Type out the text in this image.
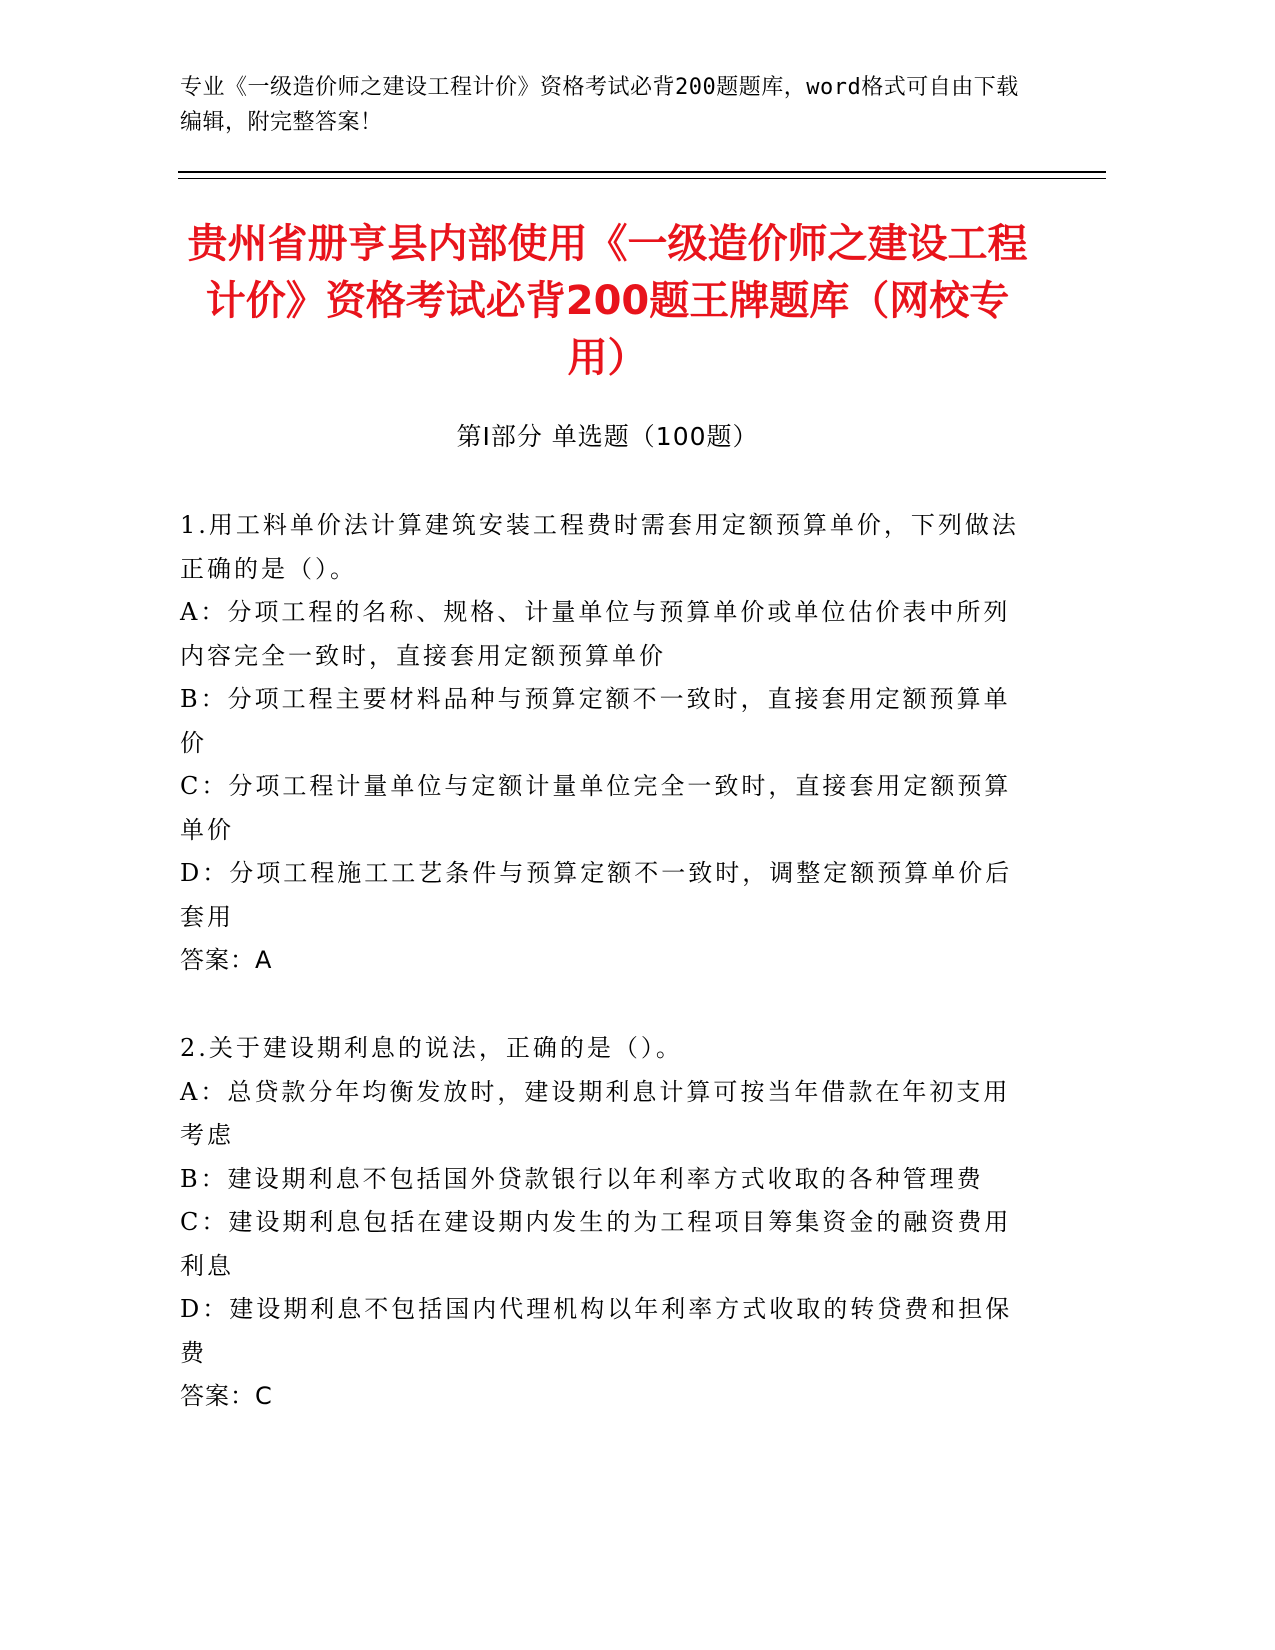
专业《一级造价师之建设工程计价》资格考试必背200题题库，word格式可自由下载编辑，附完整答案！
贵州省册亨县内部使用《一级造价师之建设工程计价》资格考试必背200题王牌题库（网校专用）
第I部分 单选题（100题）

1.用工料单价法计算建筑安装工程费时需套用定额预算单价，下列做法正确的是（）。

A：分项工程的名称、规格、计量单位与预算单价或单位估价表中所列内容完全一致时，直接套用定额预算单价

B：分项工程主要材料品种与预算定额不一致时，直接套用定额预算单价

C：分项工程计量单位与定额计量单位完全一致时，直接套用定额预算单价

D：分项工程施工工艺条件与预算定额不一致时，调整定额预算单价后套用

答案：A

2.关于建设期利息的说法，正确的是（）。

A：总贷款分年均衡发放时，建设期利息计算可按当年借款在年初支用考虑

B：建设期利息不包括国外贷款银行以年利率方式收取的各种管理费

C：建设期利息包括在建设期内发生的为工程项目筹集资金的融资费用利息

D：建设期利息不包括国内代理机构以年利率方式收取的转贷费和担保费

答案：C
